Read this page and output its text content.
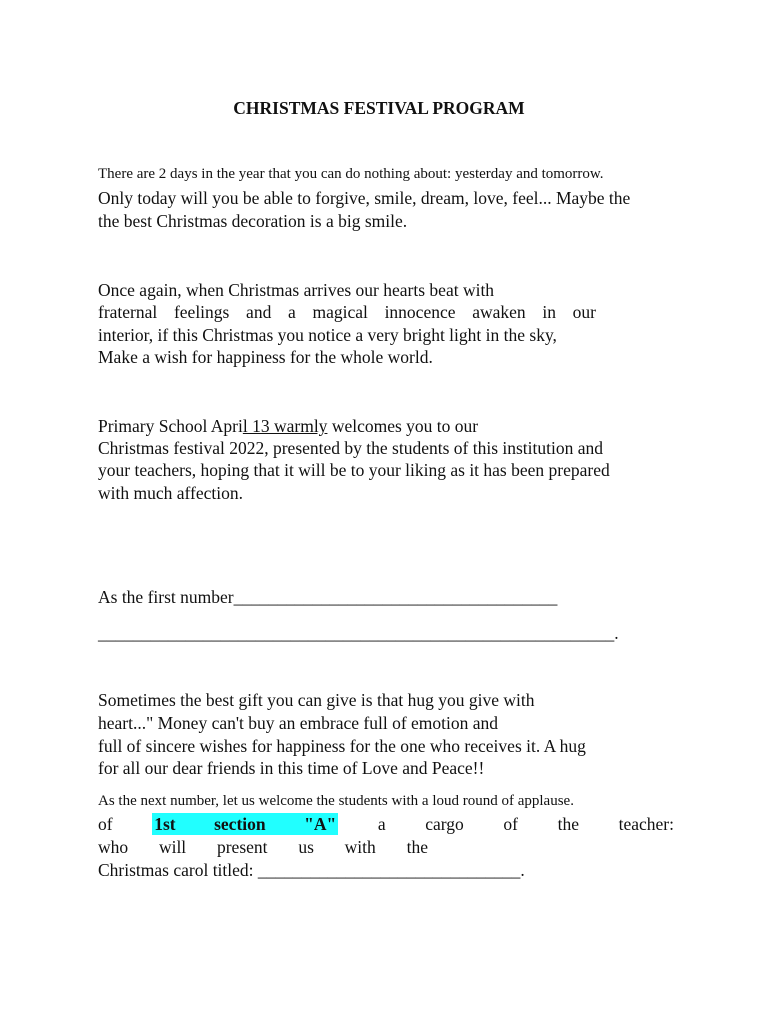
CHRISTMAS FESTIVAL PROGRAM
There are 2 days in the year that you can do nothing about: yesterday and tomorrow.
Only today will you be able to forgive, smile, dream, love, feel... Maybe the
the best Christmas decoration is a big smile.
Once again, when Christmas arrives our hearts beat with
fraternal feelings and a magical innocence awaken in our
interior, if this Christmas you notice a very bright light in the sky,
Make a wish for happiness for the whole world.
Primary School April 13 warmly welcomes you to our
Christmas festival 2022, presented by the students of this institution and
your teachers, hoping that it will be to your liking as it has been prepared
with much affection.
As the first number_____________________________________
___________________________________________________________.
Sometimes the best gift you can give is that hug you give with
heart..." Money can't buy an embrace full of emotion and
full of sincere wishes for happiness for the one who receives it. A hug
for all our dear friends in this time of Love and Peace!!
As the next number, let us welcome the students with a loud round of applause.
of 1st section "A" a cargo of the teacher:
who will present us with the
Christmas carol titled: ______________________________.
